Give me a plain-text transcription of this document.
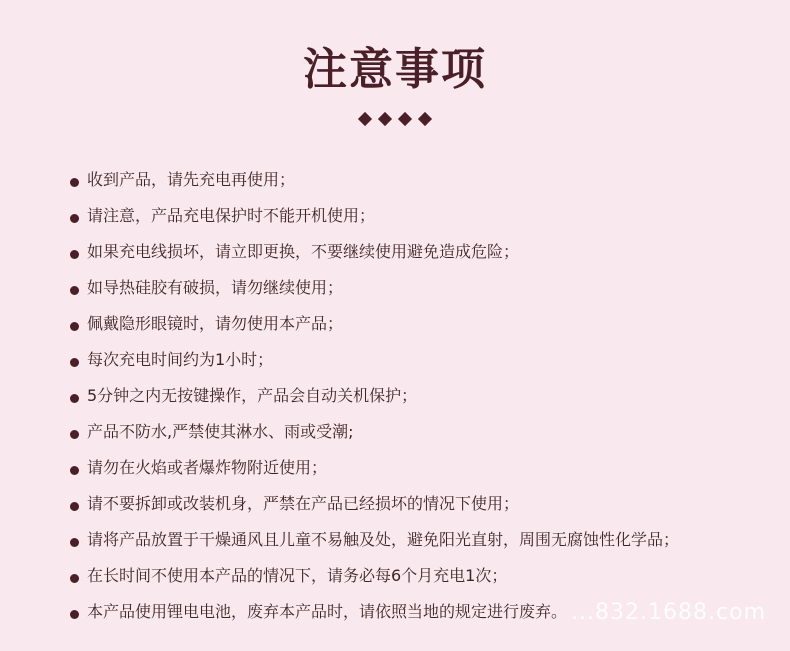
注意事项
收到产品，请先充电再使用；
请注意，产品充电保护时不能开机使用；
如果充电线损坏，请立即更换，不要继续使用避免造成危险；
如导热硅胶有破损，请勿继续使用；
佩戴隐形眼镜时，请勿使用本产品；
每次充电时间约为1小时；
5分钟之内无按键操作，产品会自动关机保护；
产品不防水,严禁使其淋水、雨或受潮;
请勿在火焰或者爆炸物附近使用；
请不要拆卸或改装机身，严禁在产品已经损坏的情况下使用；
请将产品放置于干燥通风且儿童不易触及处，避免阳光直射，周围无腐蚀性化学品；
在长时间不使用本产品的情况下，请务必每6个月充电1次；
本产品使用锂电电池，废弃本产品时，请依照当地的规定进行废弃。 ...832.1688.com
